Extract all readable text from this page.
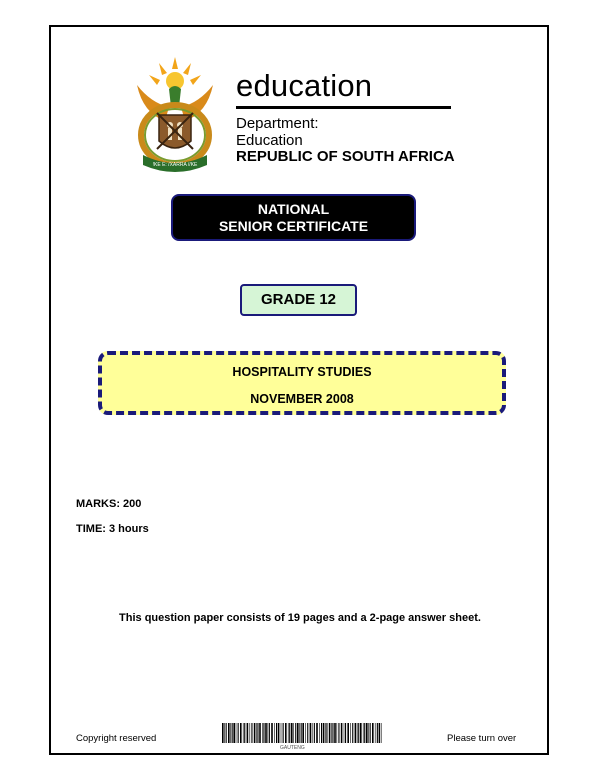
!KE E: /XARRA //KE
education
Department:
Education
REPUBLIC OF SOUTH AFRICA
NATIONAL
SENIOR CERTIFICATE
GRADE 12
HOSPITALITY STUDIES
NOVEMBER 2008
MARKS: 200
TIME: 3 hours
This question paper consists of 19 pages and a 2-page answer sheet.
Copyright reserved
GAUTENG
Please turn over
